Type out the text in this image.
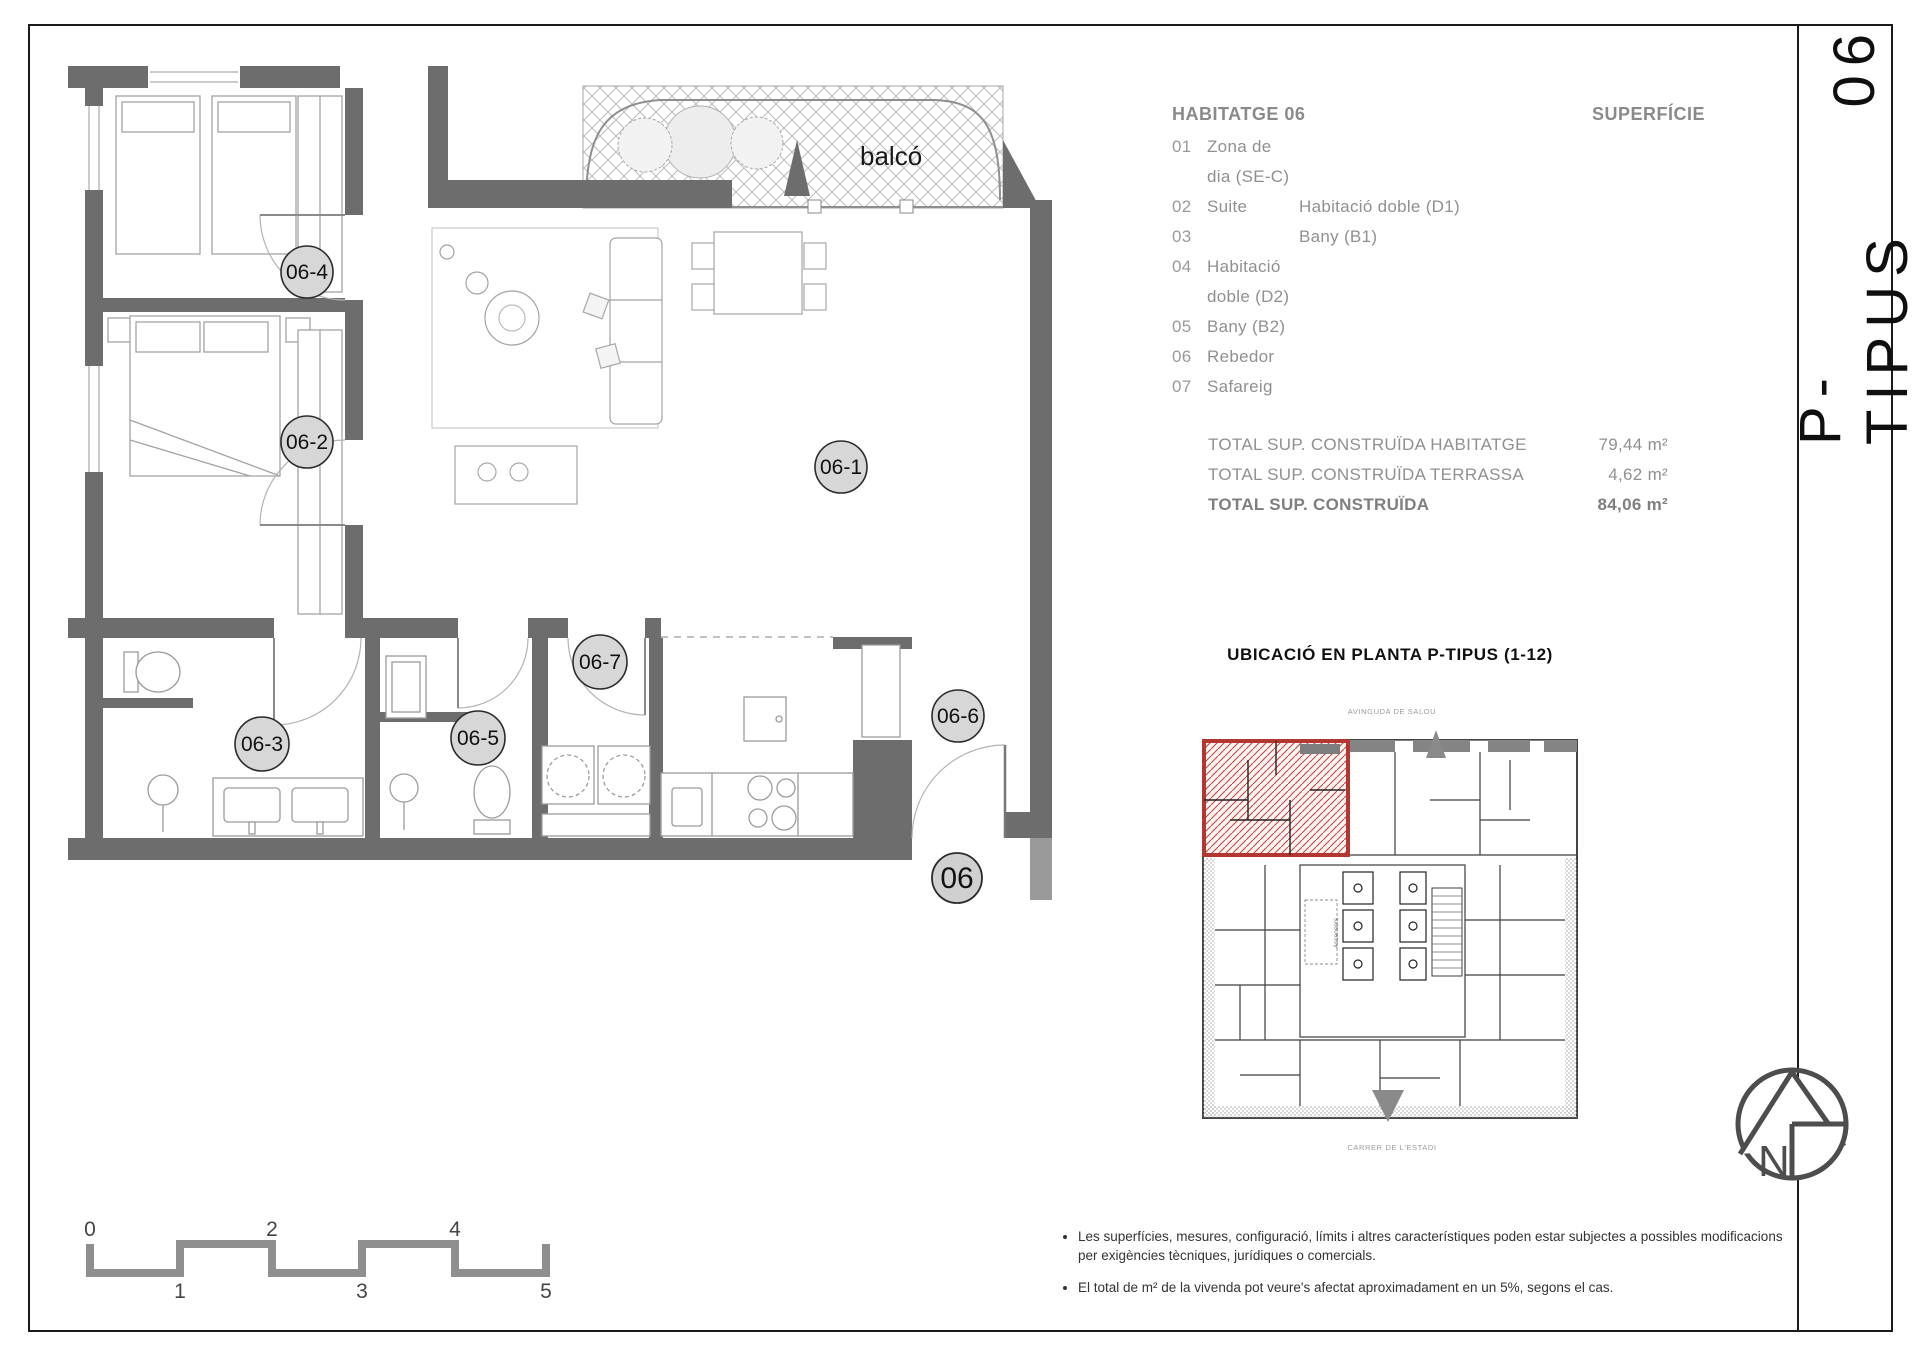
P-TIPUS
06
balcó
06-1
06-2
06-3
06-4
06-5
06-6
06-7
06
HABITATGE 06	SUPERFÍCIE
01 Zona de dia (SE-C)
02 Suite	Habitació doble (D1)
03	Bany (B1)
04 Habitació doble (D2)
05 Bany (B2)
06 Rebedor
07 Safareig
TOTAL SUP. CONSTRUÏDA HABITATGE	79,44 m²
TOTAL SUP. CONSTRUÏDA TERRASSA	4,62 m²
TOTAL SUP. CONSTRUÏDA	84,06 m²
UBICACIÓ EN PLANTA P-TIPUS (1-12)
AVINGUDA DE SALOU
Ascensors
CARRER DE L'ESTADI	N
0	2	4
1	3	5
• Les superfícies, mesures, configuració, límits i altres característiques poden estar subjectes a possibles modificacions per exigències tècniques, jurídiques o comercials.
• El total de m² de la vivenda pot veure's afectat aproximadament en un 5%, segons el cas.
